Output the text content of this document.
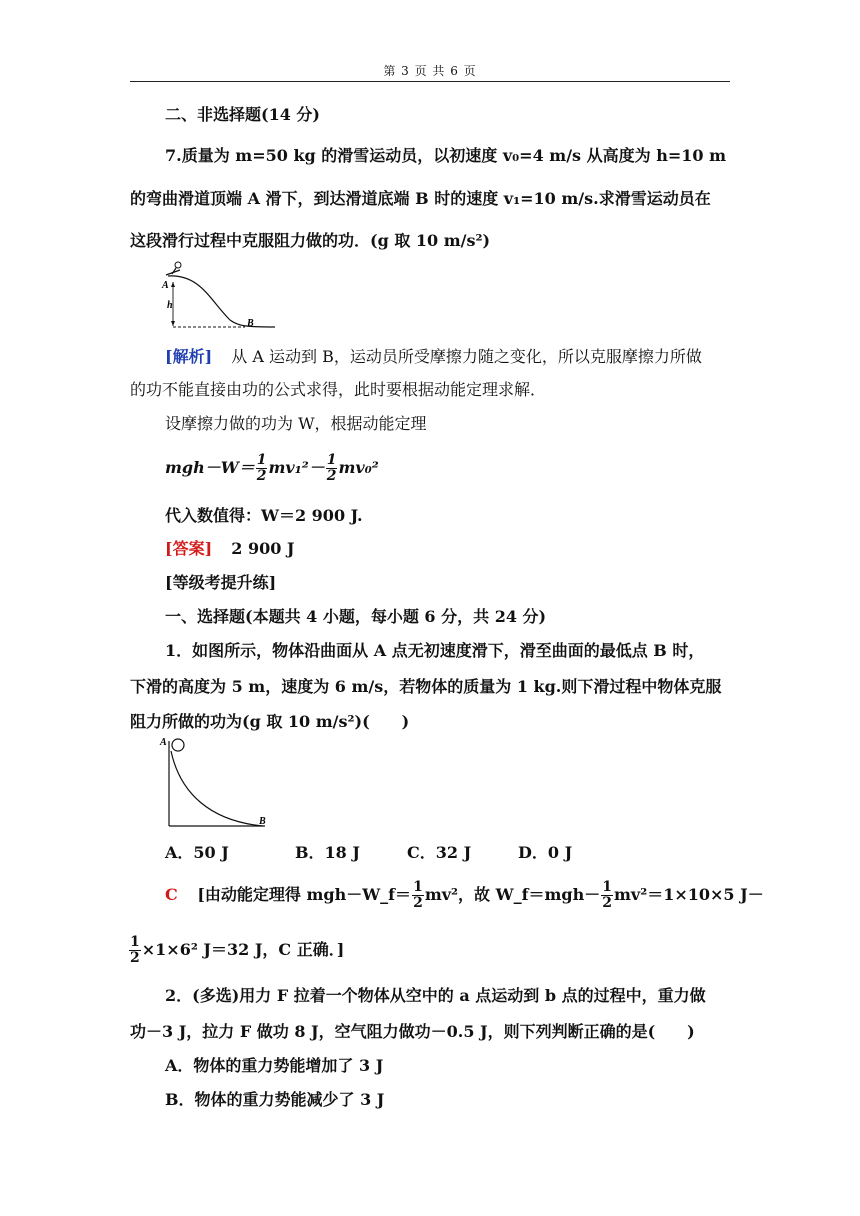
第 3 页 共 6 页
二、非选择题(14 分)
7.质量为 m=50 kg 的滑雪运动员，以初速度 v₀=4 m/s 从高度为 h=10 m
的弯曲滑道顶端 A 滑下，到达滑道底端 B 时的速度 v₁=10 m/s.求滑雪运动员在
这段滑行过程中克服阻力做的功．(g 取 10 m/s²)
A
h
B
[解析] 从 A 运动到 B，运动员所受摩擦力随之变化，所以克服摩擦力所做
的功不能直接由功的公式求得，此时要根据动能定理求解．
设摩擦力做的功为 W，根据动能定理
$mgh-W= \frac{1}{2} mv_1^2- \frac{1}{2} mv_0^2$
代入数值得：W＝2 900 J.
[答案] 2 900 J
[等级考提升练]
一、选择题(本题共 4 小题，每小题 6 分，共 24 分)
1．如图所示，物体沿曲面从 A 点无初速度滑下，滑至曲面的最低点 B 时，
下滑的高度为 5 m，速度为 6 m/s，若物体的质量为 1 kg.则下滑过程中物体克服
阻力所做的功为(g 取 10 m/s²)(　　)
A
B
A．50 J	B．18 J	C．32 J	D．0 J
C [由动能定理得 mgh－W_f＝ $\frac{1}{2} mv^2$，故 W_f＝mgh－ $\frac{1}{2} mv^2=1\times 10\times 5$ J－
$\frac{1}{2} \times 1\times 6^2$ J＝32 J，C 正确．]
2．(多选)用力 F 拉着一个物体从空中的 a 点运动到 b 点的过程中，重力做
功－3 J，拉力 F 做功 8 J，空气阻力做功－0.5 J，则下列判断正确的是(　　)
A．物体的重力势能增加了 3 J
B．物体的重力势能减少了 3 J
